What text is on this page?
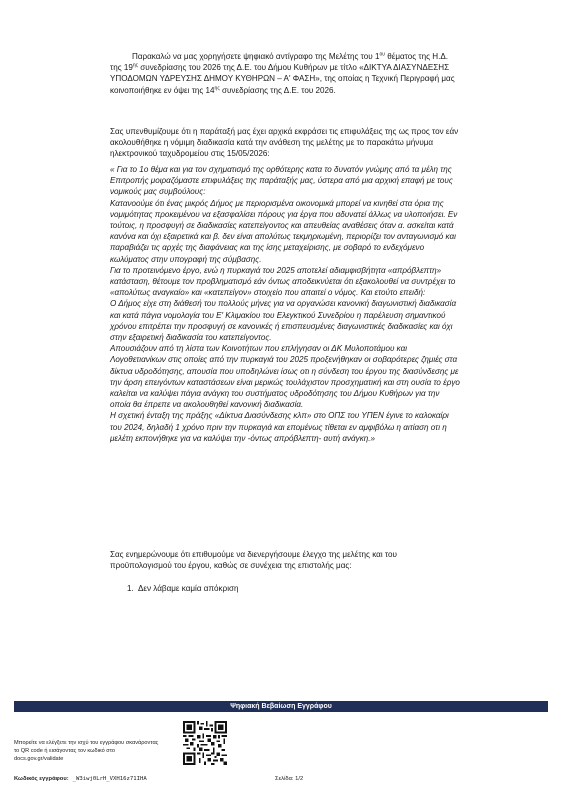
Παρακαλώ να μας χορηγήσετε ψηφιακό αντίγραφο της Μελέτης του $1^{o\upsilon}$ θέματος της Η.Δ. της $19^{\eta\varsigma}$ συνεδρίασης του 2026 της Δ.Ε. του Δήμου Κυθήρων με τίτλο «ΔΙΚΤΥΑ ΔΙΑΣΥΝΔΕΣΗΣ ΥΠΟΔΟΜΩΝ ΥΔΡΕΥΣΗΣ ΔΗΜΟΥ ΚΥΘΗΡΩΝ – Α' ΦΑΣΗ», της οποίας η Τεχνική Περιγραφή μας κοινοποιήθηκε εν όψει της $14^{\eta\varsigma}$ συνεδρίασης της Δ.Ε. του 2026.
Σας υπενθυμίζουμε ότι η παράταξή μας έχει αρχικά εκφράσει τις επιφυλάξεις της ως προς τον εάν ακολουθήθηκε η νόμιμη διαδικασία κατά την ανάθεση της μελέτης με το παρακάτω μήνυμα ηλεκτρονικού ταχυδρομείου στις 15/05/2026:

« Για το 1ο θέμα και για τον σχηματισμό της ορθότερης κατα το δυνατόν γνώμης από τα μέλη της Επιτροπής μοιραζόμαστε επιφυλάξεις της παράταξής μας, ύστερα από μια αρχική επαφή με τους νομικούς μας συμβούλους:

Κατανοούμε ότι ένας μικρός Δήμος με περιορισμένα οικονομικά μπορεί να κινηθεί στα όρια της νομιμότητας προκειμένου να εξασφαλίσει πόρους για έργα που αδυνατεί άλλως να υλοποιήσει. Εν τούτοις, η προσφυγή σε διαδικασίες κατεπείγοντος και απευθείας αναθέσεις όταν α. ασκείται κατά κανόνα και όχι εξαιρετικά και β. δεν είναι απολύτως τεκμηριωμένη, περιορίζει τον ανταγωνισμό και παραβιάζει τις αρχές της διαφάνειας και της ίσης μεταχείρισης, με σοβαρό το ενδεχόμενο κωλύματος στην υπογραφή της σύμβασης.

Για το προτεινόμενο έργο, ενώ η πυρκαγιά του 2025 αποτελεί αδιαμφισβήτητα «απρόβλεπτη» κατάσταση, θέτουμε τον προβληματισμό εάν όντως αποδεικνύεται ότι εξακολουθεί να συντρέχει το «απολύτως αναγκαίο» και «κατεπείγον» στοιχείο που απαιτεί ο νόμος. Και ετούτο επειδή:

Ο Δήμος είχε στη διάθεσή του πολλούς μήνες για να οργανώσει κανονική διαγωνιστική διαδικασία και κατά πάγια νομολογία του Ε' Κλιμακίου του Ελεγκτικού Συνεδρίου η παρέλευση σημαντικού χρόνου επιτρέπει την προσφυγή σε κανονικές ή επισπευσμένες διαγωνιστικές διαδικασίες και όχι στην εξαιρετική διαδικασία του κατεπείγοντος.

Απουσιάζουν από τη λίστα των Κοινοτήτων που επλήγησαν οι ΔΚ Μυλοποτάμου και Λογοθετιανίκων στις οποίες από την πυρκαγιά του 2025 προξενήθηκαν οι σοβαρότερες ζημιές στα δίκτυα υδροδότησης, απουσία που υποδηλώνει ίσως οτι η σύνδεση του έργου της διασύνδεσης με την άρση επειγόντων καταστάσεων είναι μερικώς τουλάχιστον προσχηματική και στη ουσία το έργο καλείται να καλύψει πάγια ανάγκη του συστήματος υδροδότησης του Δήμου Κυθήρων για την οποία θα έπρεπε να ακολουθηθεί κανονική διαδικασία.

Η σχετική ένταξη της πράξης «Δίκτυα Διασύνδεσης κλπ» στο ΟΠΣ του ΥΠΕΝ έγινε το καλοκαίρι του 2024, δηλαδή 1 χρόνο πριν την πυρκαγιά και επομένως τίθεται εν αμφιβόλω η αιτίαση οτι η μελέτη εκπονήθηκε για να καλύψει την -όντως απρόβλεπτη- αυτή ανάγκη.»

Σας ενημερώνουμε ότι επιθυμούμε να διενεργήσουμε έλεγχο της μελέτης και του προϋπολογισμού του έργου, καθώς σε συνέχεια της επιστολής μας:
1. Δεν λάβαμε καμία απόκριση
Ψηφιακή Βεβαίωση Εγγράφου
Μπορείτε να ελέγξετε την ισχύ του εγγράφου σκανάροντας το QR code ή εισάγοντας τον κωδικό στο docs.gov.gr/validate
Κωδικός εγγράφου: _W3iwj0LrH_VXH16z71IHA	Σελίδα: 1/2
